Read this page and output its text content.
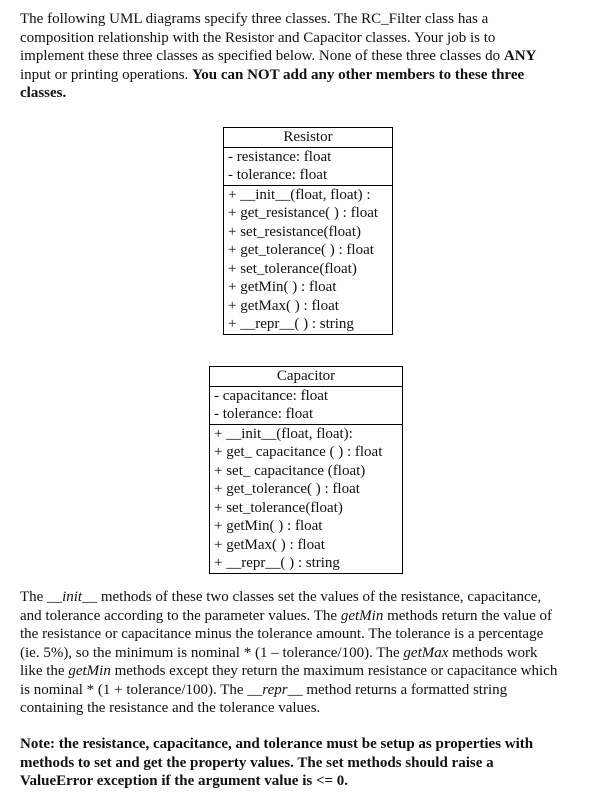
The following UML diagrams specify three classes. The RC_Filter class has a
composition relationship with the Resistor and Capacitor classes. Your job is to
implement these three classes as specified below. None of these three classes do ANY
input or printing operations. You can NOT add any other members to these three
classes.
Resistor
- resistance: float
- tolerance: float
+ __init__(float, float) :
+ get_resistance( ) : float
+ set_resistance(float)
+ get_tolerance( ) : float
+ set_tolerance(float)
+ getMin( ) : float
+ getMax( ) : float
+ __repr__( ) : string
Capacitor
- capacitance: float
- tolerance: float
+ __init__(float, float):
+ get_ capacitance ( ) : float
+ set_ capacitance (float)
+ get_tolerance( ) : float
+ set_tolerance(float)
+ getMin( ) : float
+ getMax( ) : float
+ __repr__( ) : string
The __init__ methods of these two classes set the values of the resistance, capacitance,
and tolerance according to the parameter values. The getMin methods return the value of
the resistance or capacitance minus the tolerance amount. The tolerance is a percentage
(ie. 5%), so the minimum is nominal * (1 – tolerance/100). The getMax methods work
like the getMin methods except they return the maximum resistance or capacitance which
is nominal * (1 + tolerance/100). The __repr__ method returns a formatted string
containing the resistance and the tolerance values.
Note: the resistance, capacitance, and tolerance must be setup as properties with
methods to set and get the property values. The set methods should raise a
ValueError exception if the argument value is <= 0.
